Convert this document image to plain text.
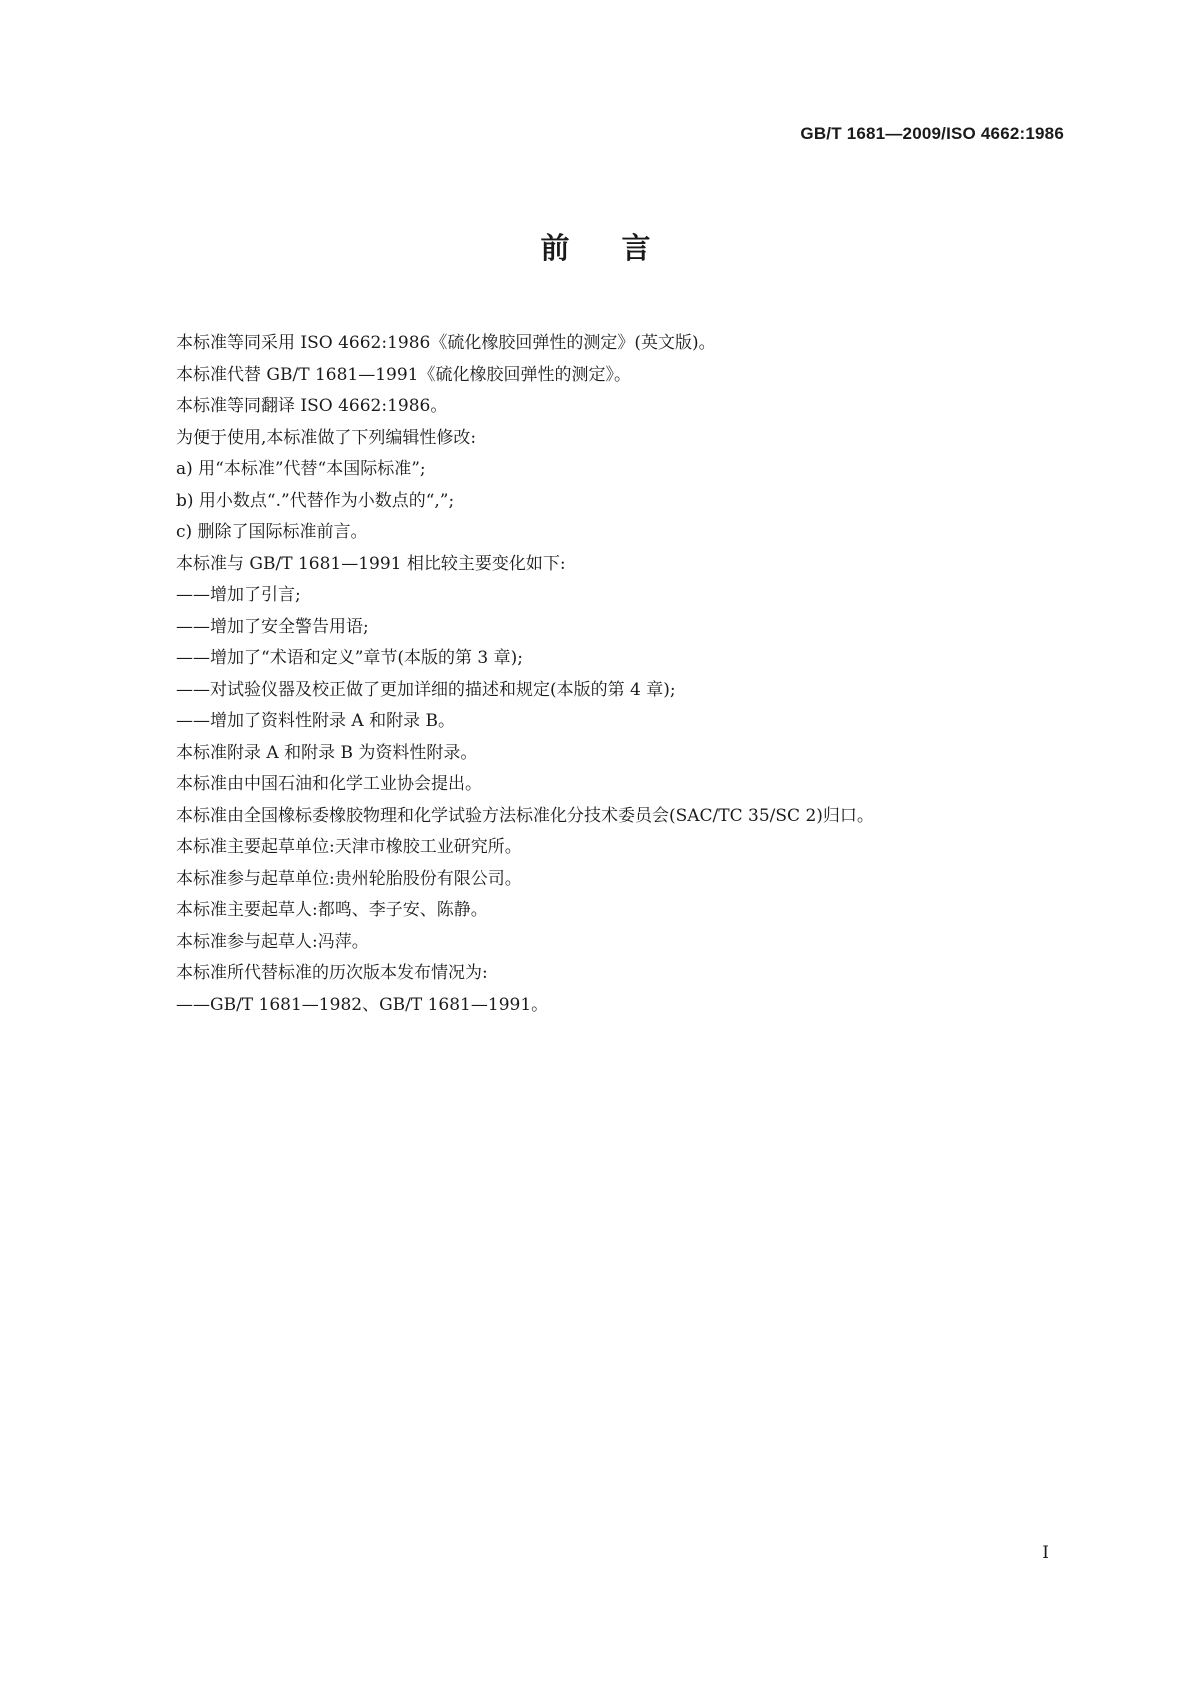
GB/T 1681—2009/ISO 4662:1986
前言
本标准等同采用 ISO 4662:1986《硫化橡胶回弹性的测定》(英文版)。
本标准代替 GB/T 1681—1991《硫化橡胶回弹性的测定》。
本标准等同翻译 ISO 4662:1986。
为便于使用,本标准做了下列编辑性修改:
a) 用“本标准”代替“本国际标准”;
b) 用小数点“.”代替作为小数点的“,”;
c) 删除了国际标准前言。
本标准与 GB/T 1681—1991 相比较主要变化如下:
——增加了引言;
——增加了安全警告用语;
——增加了“术语和定义”章节(本版的第 3 章);
——对试验仪器及校正做了更加详细的描述和规定(本版的第 4 章);
——增加了资料性附录 A 和附录 B。
本标准附录 A 和附录 B 为资料性附录。
本标准由中国石油和化学工业协会提出。
本标准由全国橡标委橡胶物理和化学试验方法标准化分技术委员会(SAC/TC 35/SC 2)归口。
本标准主要起草单位:天津市橡胶工业研究所。
本标准参与起草单位:贵州轮胎股份有限公司。
本标准主要起草人:都鸣、李子安、陈静。
本标准参与起草人:冯萍。
本标准所代替标准的历次版本发布情况为:
——GB/T 1681—1982、GB/T 1681—1991。
I
